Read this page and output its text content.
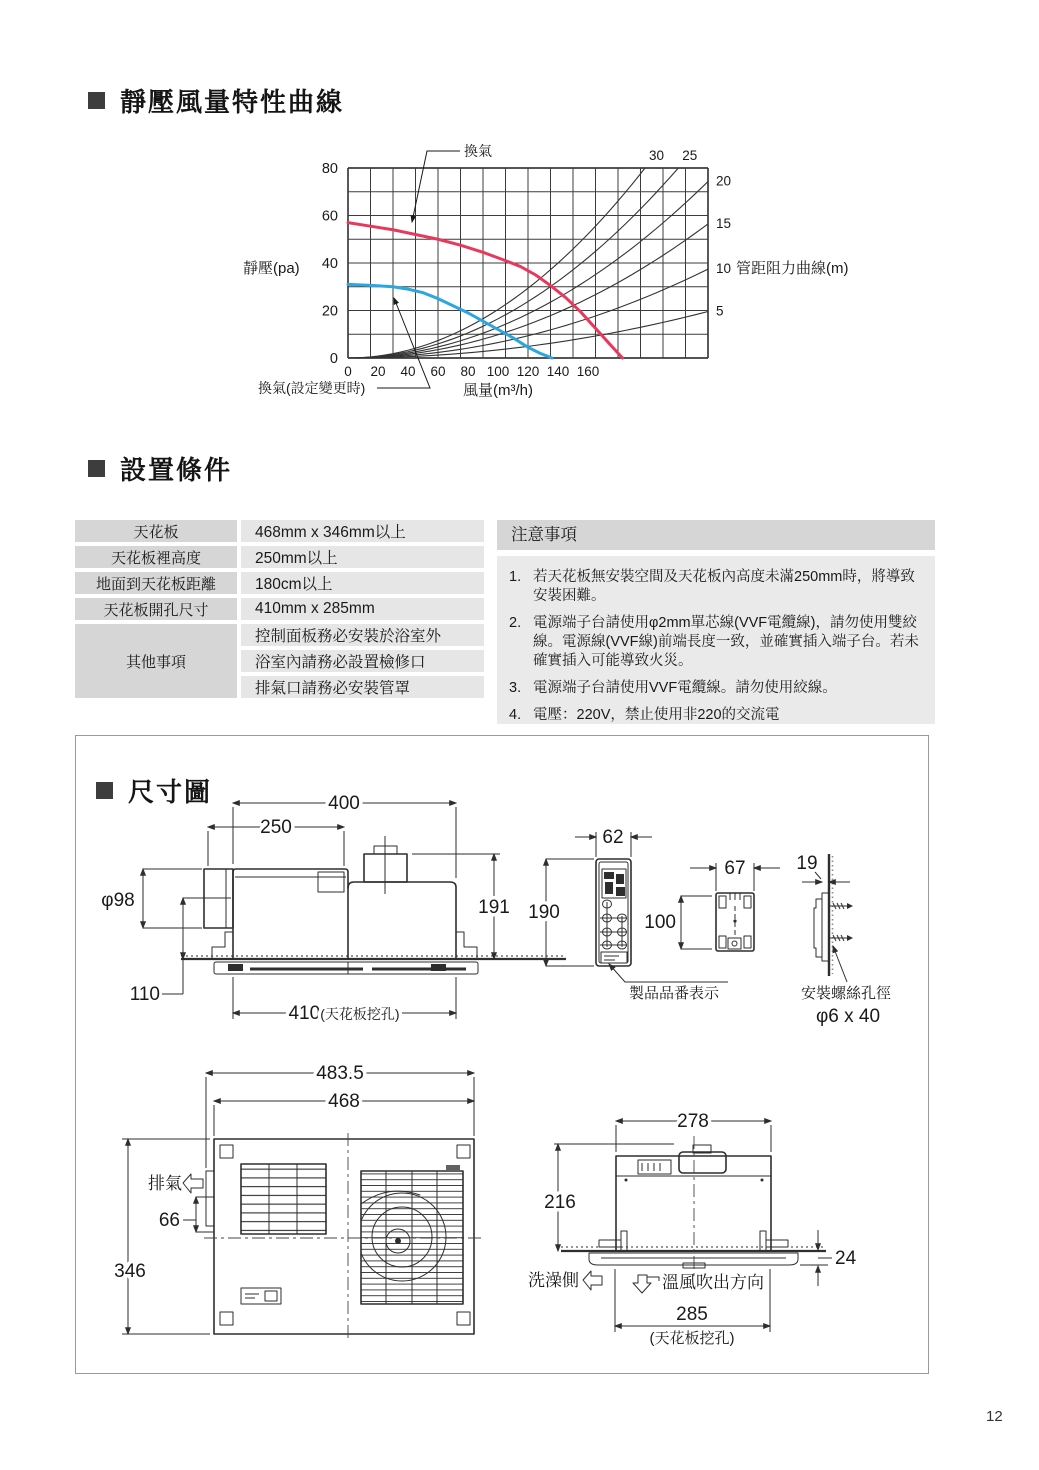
靜壓風量特性曲線
0
20
40
60
80
0 20 40 60 80 100 120 140 160
5
10
15
20
25
30
靜壓(pa)
風量(m³/h)
換氣
換氣(設定變更時)
管距阻力曲線(m)
設置條件
天花板	468mm x 346mm以上
天花板裡高度	250mm以上
地面到天花板距離	180cm以上
天花板開孔尺寸	410mm x 285mm
其他事項
控制面板務必安裝於浴室外
浴室內請務必設置檢修口
排氣口請務必安裝管罩
注意事項
1. 若天花板無安裝空間及天花板內高度未滿250mm時，將導致安裝困難。
2. 電源端子台請使用φ2mm單芯線(VVF電纜線)，請勿使用雙絞線。電源線(VVF線)前端長度一致，並確實插入端子台。若未確實插入可能導致火災。
3. 電源端子台請使用VVF電纜線。請勿使用絞線。
4. 電壓：220V，禁止使用非220的交流電
400
250
φ98
110
191
410(天花板挖孔)
62
190
製品品番表示
67
100
19
安裝螺絲孔徑
φ6 x 40
排氣
483.5
468
346
66
278
216
24
285
(天花板挖孔)
洗澡側	溫風吹出方向
尺寸圖
12
